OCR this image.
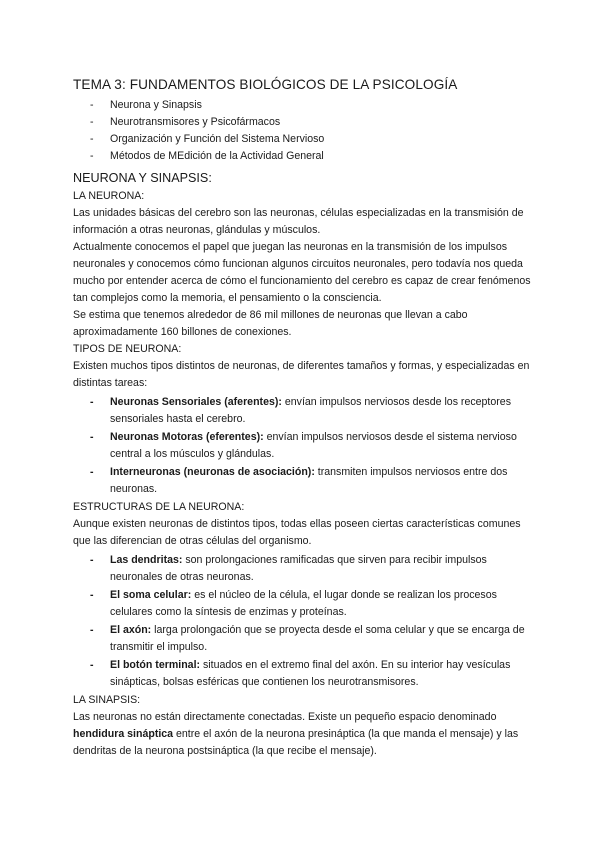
TEMA 3: FUNDAMENTOS BIOLÓGICOS DE LA PSICOLOGÍA
- Neurona y Sinapsis
- Neurotransmisores y Psicofármacos
- Organización y Función del Sistema Nervioso
- Métodos de MEdición de la Actividad General
NEURONA Y SINAPSIS:
LA NEURONA:

Las unidades básicas del cerebro son las neuronas, células especializadas en la transmisión de información a otras neuronas, glándulas y músculos.

Actualmente conocemos el papel que juegan las neuronas en la transmisión de los impulsos neuronales y conocemos cómo funcionan algunos circuitos neuronales, pero todavía nos queda mucho por entender acerca de cómo el funcionamiento del cerebro es capaz de crear fenómenos tan complejos como la memoria, el pensamiento o la consciencia.

Se estima que tenemos alrededor de 86 mil millones de neuronas que llevan a cabo aproximadamente 160 billones de conexiones.

TIPOS DE NEURONA:

Existen muchos tipos distintos de neuronas, de diferentes tamaños y formas, y especializadas en distintas tareas:

- Neuronas Sensoriales (aferentes): envían impulsos nerviosos desde los receptores sensoriales hasta el cerebro.
- Neuronas Motoras (eferentes): envían impulsos nerviosos desde el sistema nervioso central a los músculos y glándulas.
- Interneuronas (neuronas de asociación): transmiten impulsos nerviosos entre dos neuronas.
ESTRUCTURAS DE LA NEURONA:

Aunque existen neuronas de distintos tipos, todas ellas poseen ciertas características comunes que las diferencian de otras células del organismo.

- Las dendritas: son prolongaciones ramificadas que sirven para recibir impulsos neuronales de otras neuronas.
- El soma celular: es el núcleo de la célula, el lugar donde se realizan los procesos celulares como la síntesis de enzimas y proteínas.
- El axón: larga prolongación que se proyecta desde el soma celular y que se encarga de transmitir el impulso.
- El botón terminal: situados en el extremo final del axón. En su interior hay vesículas sinápticas, bolsas esféricas que contienen los neurotransmisores.
LA SINAPSIS:

Las neuronas no están directamente conectadas. Existe un pequeño espacio denominado hendidura sináptica entre el axón de la neurona presináptica (la que manda el mensaje) y las dendritas de la neurona postsináptica (la que recibe el mensaje).
